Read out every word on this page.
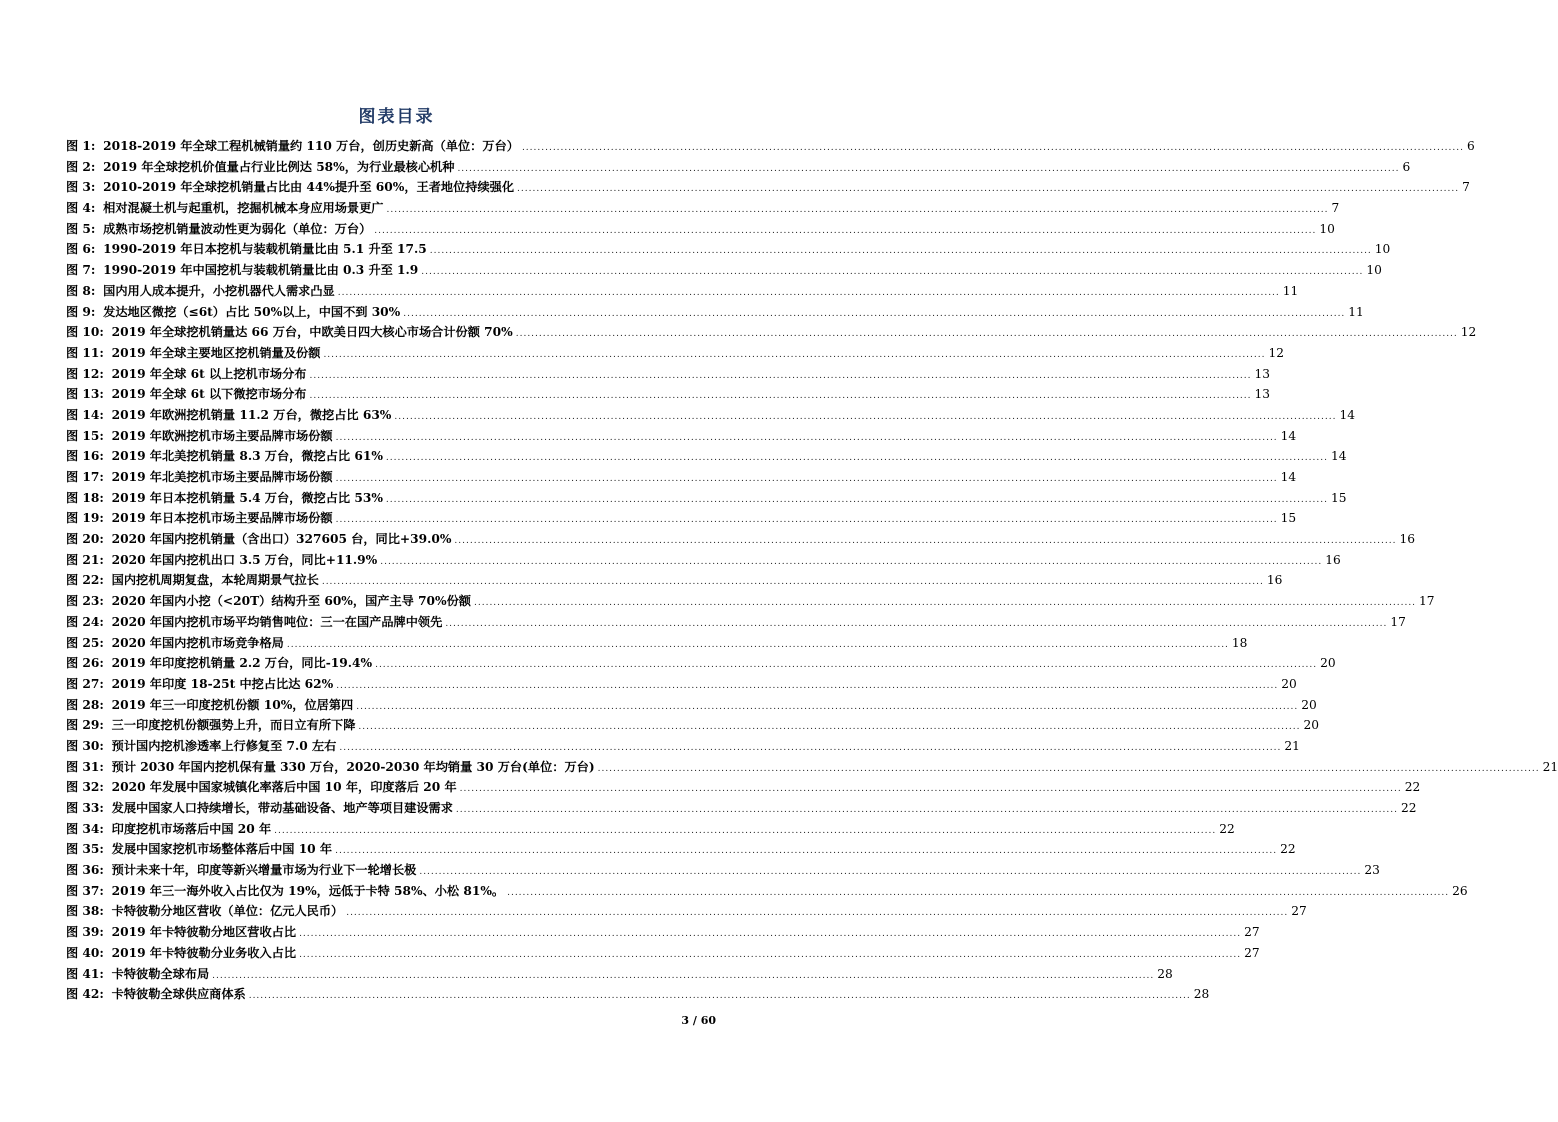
图表目录
图 1:
2018-2019 年全球工程机械销量约 110 万台，创历史新高（单位：万台） .....	6
图 2:
2019 年全球挖机价值量占行业比例达 58%，为行业最核心机种 .....	6
图 3:
2010-2019 年全球挖机销量占比由 44%提升至 60%，王者地位持续强化 .....	7
图 4:
相对混凝土机与起重机，挖掘机械本身应用场景更广 .....	7
图 5:
成熟市场挖机销量波动性更为弱化（单位：万台） .....	10
图 6:
1990-2019 年日本挖机与装载机销量比由 5.1 升至 17.5 .....	10
图 7:
1990-2019 年中国挖机与装载机销量比由 0.3 升至 1.9 .....	10
图 8:
国内用人成本提升，小挖机器代人需求凸显 .....	11
图 9:
发达地区微挖（≤6t）占比 50%以上，中国不到 30% .....	11
图 10:
2019 年全球挖机销量达 66 万台，中欧美日四大核心市场合计份额 70% .....	12
图 11:
2019 年全球主要地区挖机销量及份额 .....	12
图 12:
2019 年全球 6t 以上挖机市场分布 .....	13
图 13:
2019 年全球 6t 以下微挖市场分布 .....	13
图 14:
2019 年欧洲挖机销量 11.2 万台，微挖占比 63% .....	14
图 15:
2019 年欧洲挖机市场主要品牌市场份额 .....	14
图 16:
2019 年北美挖机销量 8.3 万台，微挖占比 61% .....	14
图 17:
2019 年北美挖机市场主要品牌市场份额 .....	14
图 18:
2019 年日本挖机销量 5.4 万台，微挖占比 53% .....	15
图 19:
2019 年日本挖机市场主要品牌市场份额 .....	15
图 20:
2020 年国内挖机销量（含出口）327605 台，同比+39.0% .....	16
图 21:
2020 年国内挖机出口 3.5 万台，同比+11.9% .....	16
图 22:
国内挖机周期复盘，本轮周期景气拉长 .....	16
图 23:
2020 年国内小挖（<20T）结构升至 60%，国产主导 70%份额 .....	17
图 24:
2020 年国内挖机市场平均销售吨位：三一在国产品牌中领先 .....	17
图 25:
2020 年国内挖机市场竞争格局 .....	18
图 26:
2019 年印度挖机销量 2.2 万台，同比-19.4% .....	20
图 27:
2019 年印度 18-25t 中挖占比达 62% .....	20
图 28:
2019 年三一印度挖机份额 10%，位居第四 .....	20
图 29:
三一印度挖机份额强势上升，而日立有所下降 .....	20
图 30:
预计国内挖机渗透率上行修复至 7.0 左右 .....	21
图 31:
预计 2030 年国内挖机保有量 330 万台，2020-2030 年均销量 30 万台(单位：万台) .....	21
图 32:
2020 年发展中国家城镇化率落后中国 10 年，印度落后 20 年 .....	22
图 33:
发展中国家人口持续增长，带动基础设备、地产等项目建设需求 .....	22
图 34:
印度挖机市场落后中国 20 年 .....	22
图 35:
发展中国家挖机市场整体落后中国 10 年 .....	22
图 36:
预计未来十年，印度等新兴增量市场为行业下一轮增长极 .....	23
图 37:
2019 年三一海外收入占比仅为 19%，远低于卡特 58%、小松 81%。 .....	26
图 38:
卡特彼勒分地区营收（单位：亿元人民币） .....	27
图 39:
2019 年卡特彼勒分地区营收占比 .....	27
图 40:
2019 年卡特彼勒分业务收入占比 .....	27
图 41:
卡特彼勒全球布局 .....	28
图 42:
卡特彼勒全球供应商体系 .....	28
3 / 60
